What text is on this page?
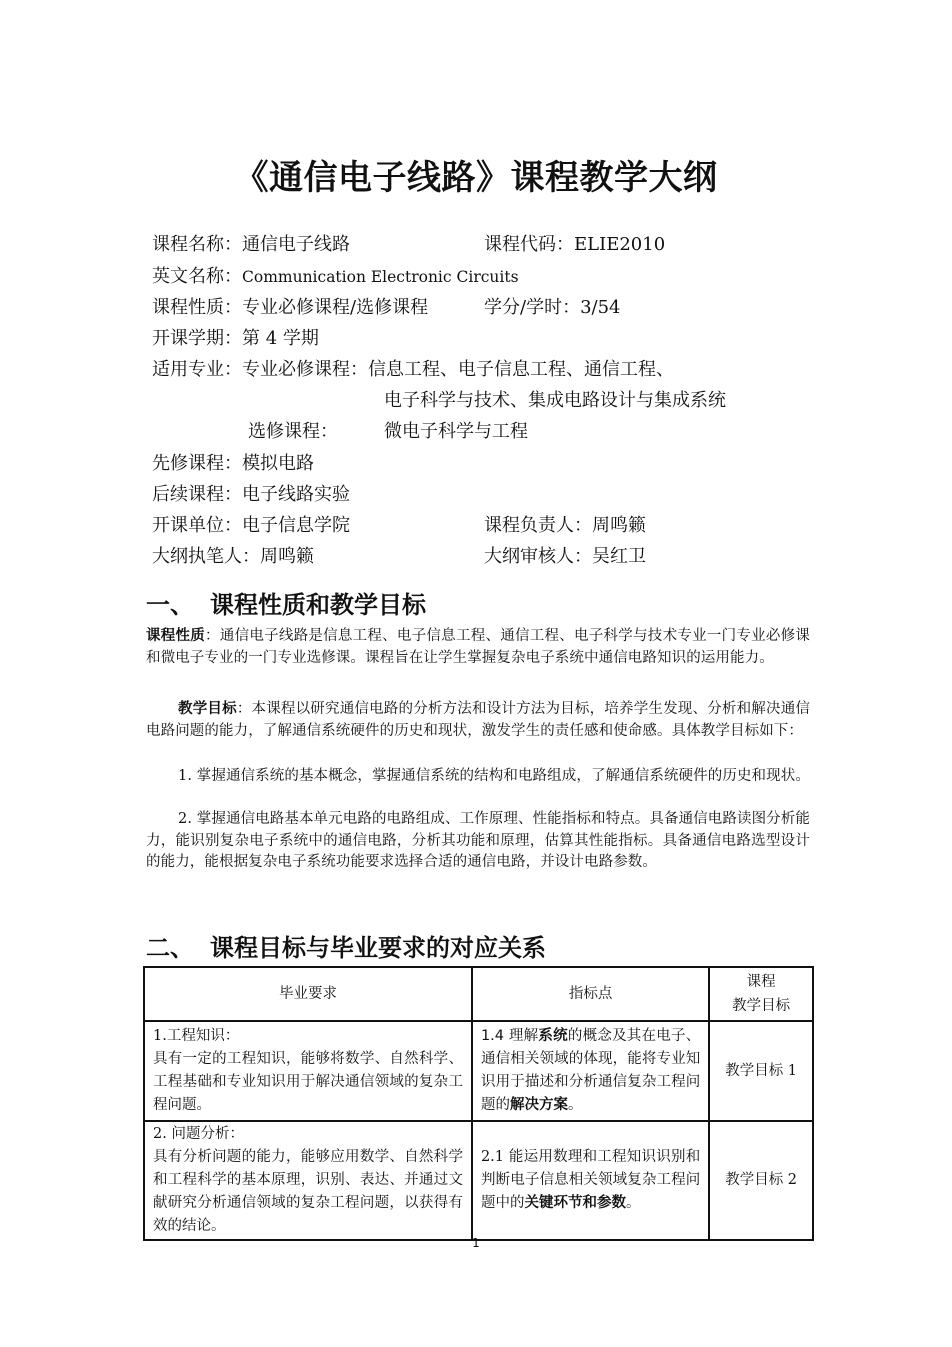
《通信电子线路》课程教学大纲
课程名称：通信电子线路	课程代码：ELIE2010
英文名称：Communication Electronic Circuits
课程性质：专业必修课程/选修课程	学分/学时：3/54
开课学期：第 4 学期
适用专业：专业必修课程：信息工程、电子信息工程、通信工程、
电子科学与技术、集成电路设计与集成系统
选修课程：	微电子科学与工程
先修课程：模拟电路
后续课程：电子线路实验
开课单位：电子信息学院	课程负责人：周鸣籁
大纲执笔人：周鸣籁	大纲审核人：吴红卫
一、 课程性质和教学目标
课程性质：通信电子线路是信息工程、电子信息工程、通信工程、电子科学与技术专业一门专业必修课和微电子专业的一门专业选修课。课程旨在让学生掌握复杂电子系统中通信电路知识的运用能力。
教学目标：本课程以研究通信电路的分析方法和设计方法为目标，培养学生发现、分析和解决通信电路问题的能力，了解通信系统硬件的历史和现状，激发学生的责任感和使命感。具体教学目标如下：
1. 掌握通信系统的基本概念，掌握通信系统的结构和电路组成，了解通信系统硬件的历史和现状。
2. 掌握通信电路基本单元电路的电路组成、工作原理、性能指标和特点。具备通信电路读图分析能力，能识别复杂电子系统中的通信电路，分析其功能和原理，估算其性能指标。具备通信电路选型设计的能力，能根据复杂电子系统功能要求选择合适的通信电路，并设计电路参数。
二、 课程目标与毕业要求的对应关系
毕业要求	指标点	课程
教学目标

1.工程知识：
具有一定的工程知识，能够将数学、自然科学、工程基础和专业知识用于解决通信领域的复杂工程问题。	1.4 理解系统的概念及其在电子、通信相关领域的体现，能将专业知识用于描述和分析通信复杂工程问题的解决方案。	教学目标 1

2. 问题分析：
具有分析问题的能力，能够应用数学、自然科学和工程科学的基本原理，识别、表达、并通过文献研究分析通信领域的复杂工程问题，以获得有效的结论。	2.1 能运用数理和工程知识识别和判断电子信息相关领域复杂工程问题中的关键环节和参数。	教学目标 2
1
